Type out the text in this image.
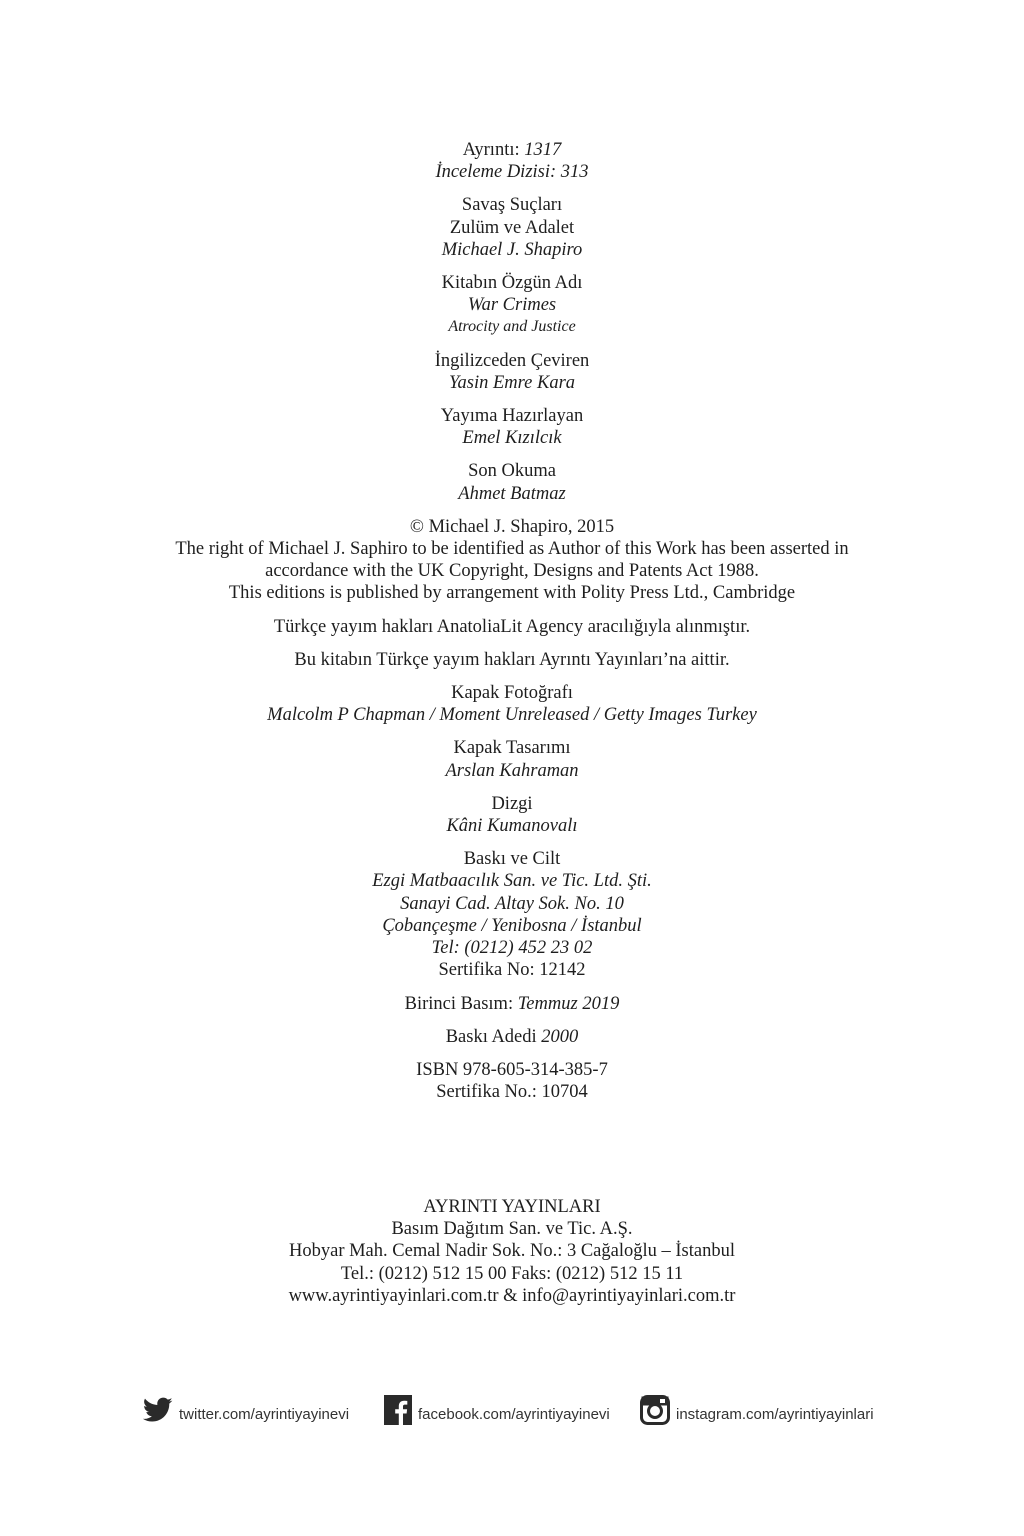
Ayrıntı: 1317
İnceleme Dizisi: 313
Savaş Suçları
Zulüm ve Adalet
Michael J. Shapiro
Kitabın Özgün Adı
War Crimes
Atrocity and Justice
İngilizceden Çeviren
Yasin Emre Kara
Yayıma Hazırlayan
Emel Kızılcık
Son Okuma
Ahmet Batmaz
© Michael J. Shapiro, 2015
The right of Michael J. Saphiro to be identified as Author of this Work has been asserted in
accordance with the UK Copyright, Designs and Patents Act 1988.
This editions is published by arrangement with Polity Press Ltd., Cambridge
Türkçe yayım hakları AnatoliaLit Agency aracılığıyla alınmıştır.
Bu kitabın Türkçe yayım hakları Ayrıntı Yayınları’na aittir.
Kapak Fotoğrafı
Malcolm P Chapman / Moment Unreleased / Getty Images Turkey
Kapak Tasarımı
Arslan Kahraman
Dizgi
Kâni Kumanovalı
Baskı ve Cilt
Ezgi Matbaacılık San. ve Tic. Ltd. Şti.
Sanayi Cad. Altay Sok. No. 10
Çobançeşme / Yenibosna / İstanbul
Tel: (0212) 452 23 02
Sertifika No: 12142
Birinci Basım: Temmuz 2019
Baskı Adedi 2000
ISBN 978-605-314-385-7
Sertifika No.: 10704
AYRINTI YAYINLARI
Basım Dağıtım San. ve Tic. A.Ş.
Hobyar Mah. Cemal Nadir Sok. No.: 3 Cağaloğlu – İstanbul
Tel.: (0212) 512 15 00 Faks: (0212) 512 15 11
www.ayrintiyayinlari.com.tr & info@ayrintiyayinlari.com.tr
twitter.com/ayrintiyayinevi	facebook.com/ayrintiyayinevi	instagram.com/ayrintiyayinlari
